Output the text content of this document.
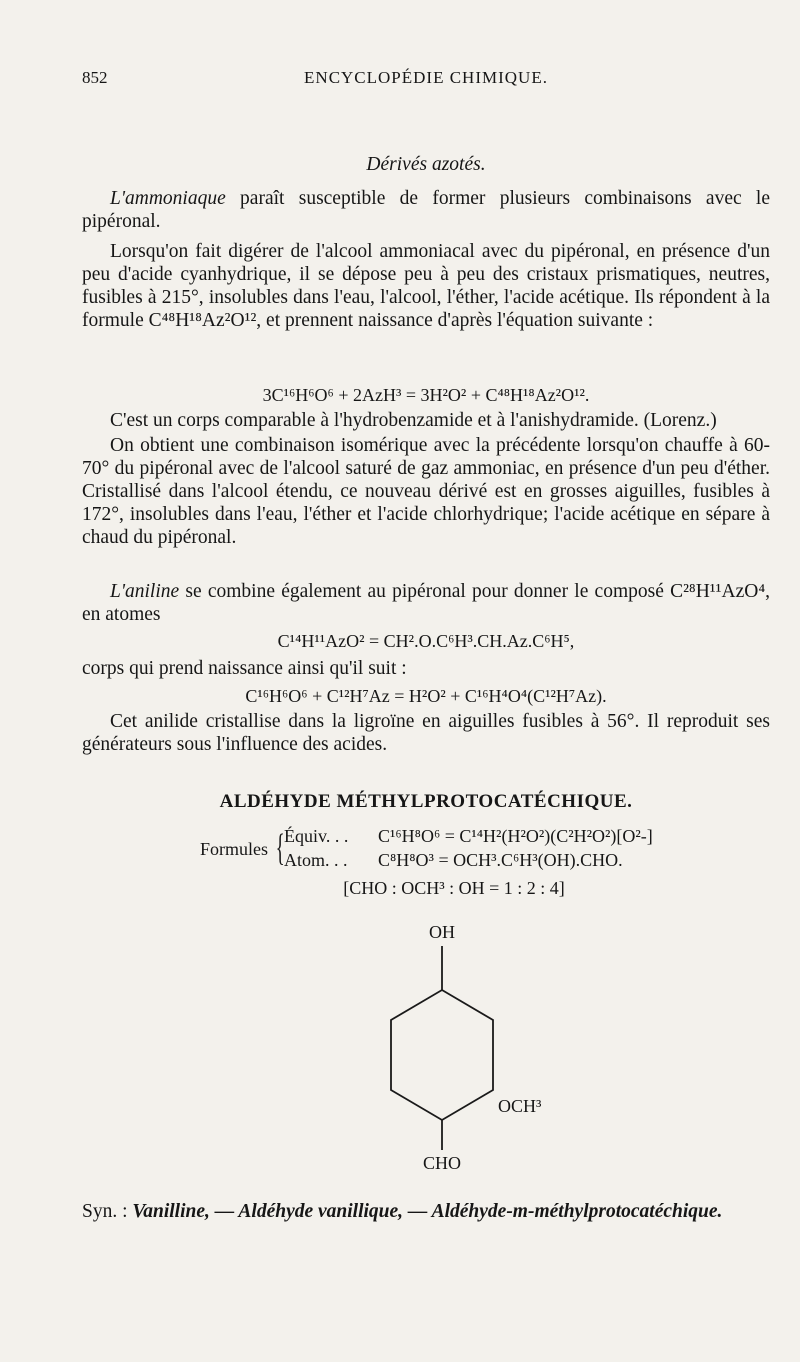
852	ENCYCLOPÉDIE CHIMIQUE.
Dérivés azotés.
L'ammoniaque paraît susceptible de former plusieurs combinaisons avec le pipéronal.
Lorsqu'on fait digérer de l'alcool ammoniacal avec du pipéronal, en présence d'un peu d'acide cyanhydrique, il se dépose peu à peu des cristaux prismatiques, neutres, fusibles à 215°, insolubles dans l'eau, l'alcool, l'éther, l'acide acétique. Ils répondent à la formule C⁴⁸H¹⁸Az²O¹², et prennent naissance d'après l'équation suivante :
3C¹⁶H⁶O⁶ + 2AzH³ = 3H²O² + C⁴⁸H¹⁸Az²O¹².
C'est un corps comparable à l'hydrobenzamide et à l'anishydramide. (Lorenz.)
On obtient une combinaison isomérique avec la précédente lorsqu'on chauffe à 60-70° du pipéronal avec de l'alcool saturé de gaz ammoniac, en présence d'un peu d'éther. Cristallisé dans l'alcool étendu, ce nouveau dérivé est en grosses aiguilles, fusibles à 172°, insolubles dans l'eau, l'éther et l'acide chlorhydrique; l'acide acétique en sépare à chaud du pipéronal.
L'aniline se combine également au pipéronal pour donner le composé C²⁸H¹¹AzO⁴, en atomes
C¹⁴H¹¹AzO² = CH².O.C⁶H³.CH.Az.C⁶H⁵,
corps qui prend naissance ainsi qu'il suit :
C¹⁶H⁶O⁶ + C¹²H⁷Az = H²O² + C¹⁶H⁴O⁴(C¹²H⁷Az).
Cet anilide cristallise dans la ligroïne en aiguilles fusibles à 56°. Il reproduit ses générateurs sous l'influence des acides.
ALDÉHYDE MÉTHYLPROTOCATÉCHIQUE.
Formules { Équiv. . . C¹⁶H⁸O⁶ = C¹⁴H²(H²O²)(C²H²O²)[O²-]
Atom. . . C⁸H⁸O³ = OCH³.C⁶H³(OH).CHO.
[CHO : OCH³ : OH = 1 : 2 : 4]
OH
OCH³
CHO
Syn. : Vanilline, — Aldéhyde vanillique, — Aldéhyde-m-méthylprotocatéchique.
